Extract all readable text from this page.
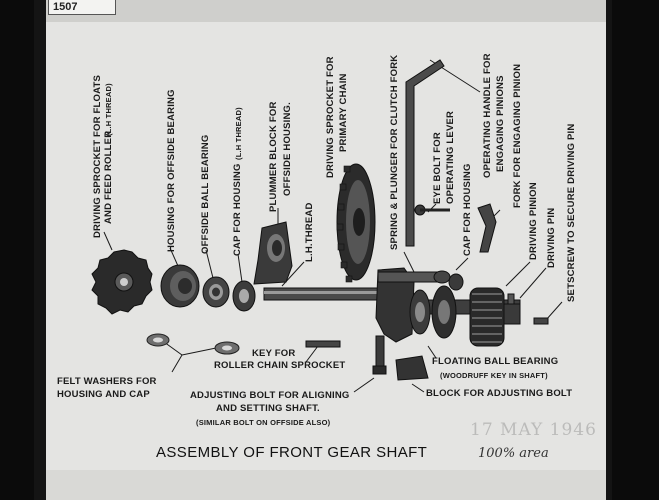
1507
DRIVING SPROCKET FOR FLOATS AND FEED ROLLER
(L.H THREAD)	HOUSING FOR OFFSIDE BEARING OFFSIDE BALL BEARING CAP FOR HOUSING
(L.H THREAD)	PLUMMER BLOCK FOR OFFSIDE HOUSING.
L.H.THREAD
DRIVING SPROCKET FOR PRIMARY CHAIN	SPRING & PLUNGER FOR CLUTCH FORK	EYE BOLT FOR OPERATING LEVER
CAP FOR HOUSING
OPERATING HANDLE FOR ENGAGING PINIONS FORK FOR ENGAGING PINION
DRIVING PINION DRIVING PIN SETSCREW TO SECURE DRIVING PIN
FELT WASHERS FOR
HOUSING AND CAP
KEY FOR
ROLLER CHAIN SPROCKET	FLOATING BALL BEARING
(WOODRUFF KEY IN SHAFT)
BLOCK FOR ADJUSTING BOLT
ADJUSTING BOLT FOR ALIGNING
AND SETTING SHAFT.
(SIMILAR BOLT ON OFFSIDE ALSO)	17 MAY 1946
ASSEMBLY OF FRONT GEAR SHAFT	100% area
